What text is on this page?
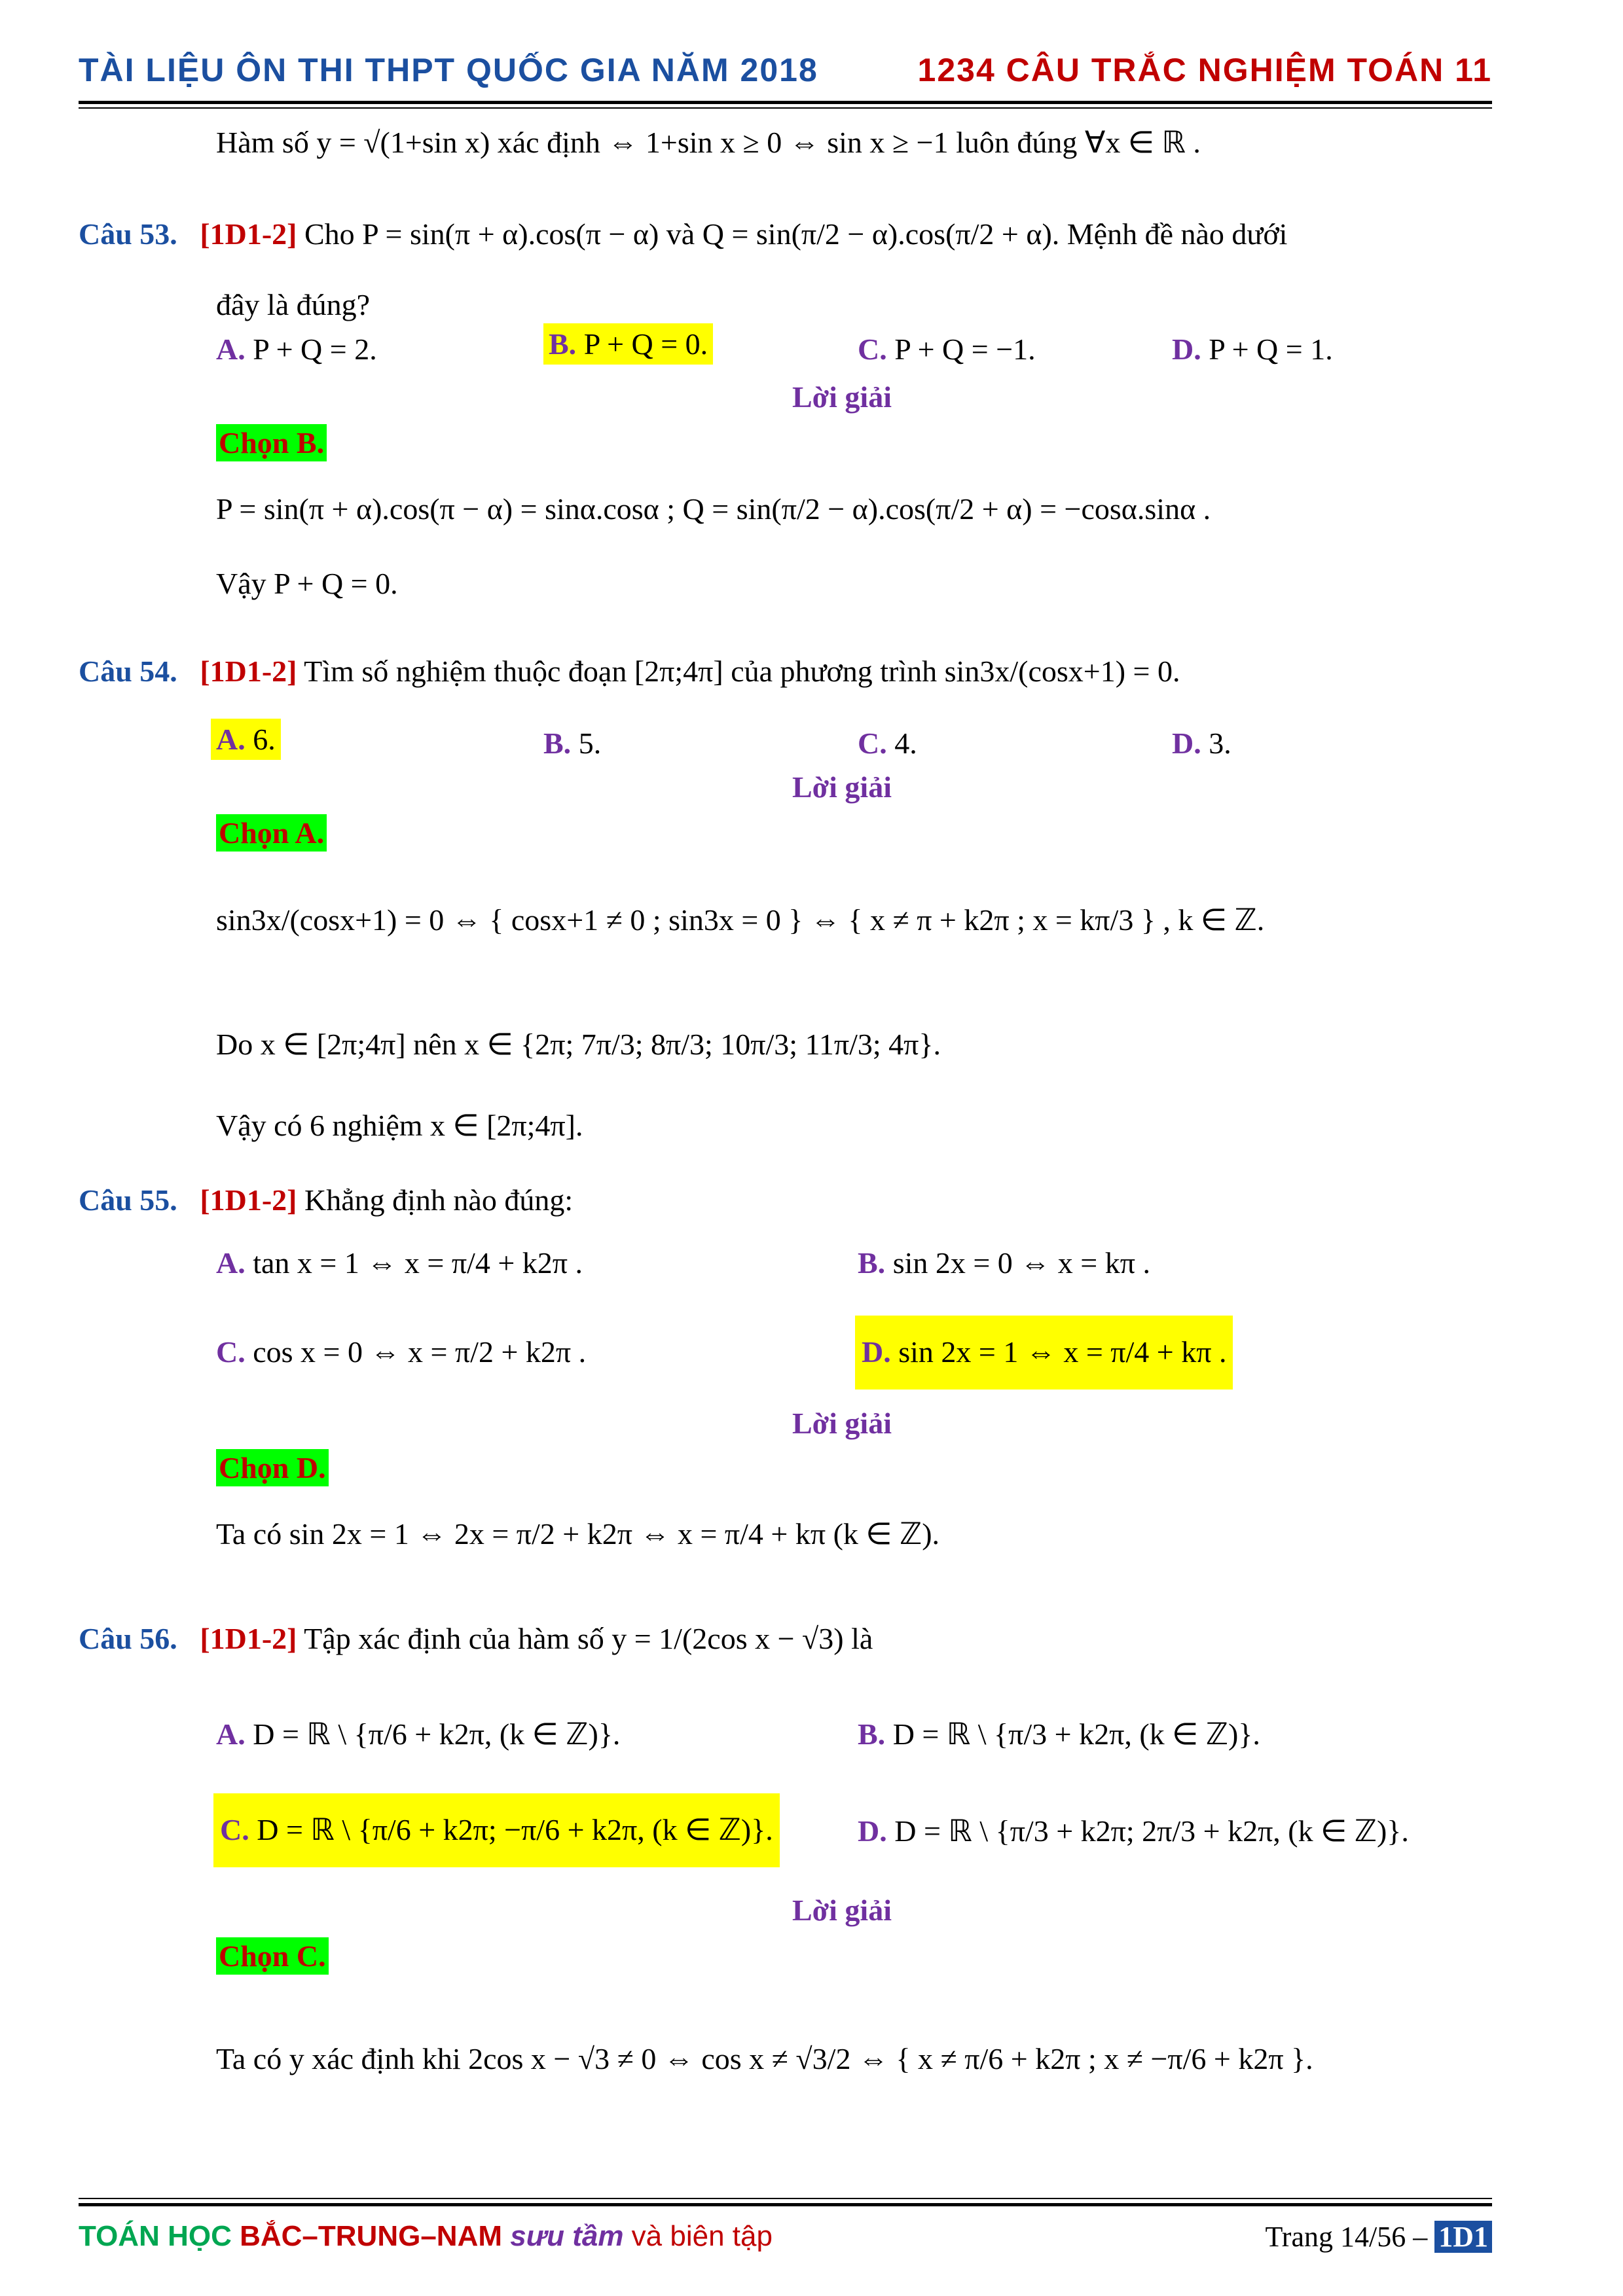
TÀI LIỆU ÔN THI THPT QUỐC GIA NĂM 2018	1234 CÂU TRẮC NGHIỆM TOÁN 11
Hàm số y = √(1+sin x) xác định ⇔ 1+sin x ≥ 0 ⇔ sin x ≥ −1 luôn đúng ∀x ∈ ℝ .
Câu 53. [1D1-2] Cho P = sin(π + α).cos(π − α) và Q = sin(π/2 − α).cos(π/2 + α). Mệnh đề nào dưới
đây là đúng?
A. P + Q = 2.	B. P + Q = 0.	C. P + Q = −1.	D. P + Q = 1.
Lời giải
Chọn B.
P = sin(π + α).cos(π − α) = sinα.cosα ; Q = sin(π/2 − α).cos(π/2 + α) = −cosα.sinα .
Vậy P + Q = 0.
Câu 54. [1D1-2] Tìm số nghiệm thuộc đoạn [2π;4π] của phương trình sin3x/(cosx+1) = 0.
A. 6.	B. 5.	C. 4.	D. 3.
Lời giải
Chọn A.
sin3x/(cosx+1) = 0 ⇔ { cosx+1 ≠ 0 ; sin3x = 0 } ⇔ { x ≠ π + k2π ; x = kπ/3 } , k ∈ ℤ.
Do x ∈ [2π;4π] nên x ∈ {2π; 7π/3; 8π/3; 10π/3; 11π/3; 4π}.
Vậy có 6 nghiệm x ∈ [2π;4π].
Câu 55. [1D1-2] Khẳng định nào đúng:
A. tan x = 1 ⇔ x = π/4 + k2π .	B. sin 2x = 0 ⇔ x = kπ .
C. cos x = 0 ⇔ x = π/2 + k2π .	D. sin 2x = 1 ⇔ x = π/4 + kπ .
Lời giải
Chọn D.
Ta có sin 2x = 1 ⇔ 2x = π/2 + k2π ⇔ x = π/4 + kπ (k ∈ ℤ).
Câu 56. [1D1-2] Tập xác định của hàm số y = 1/(2cos x − √3) là
A. D = ℝ \ {π/6 + k2π, (k ∈ ℤ)}.	B. D = ℝ \ {π/3 + k2π, (k ∈ ℤ)}.
C. D = ℝ \ {π/6 + k2π; −π/6 + k2π, (k ∈ ℤ)}.	D. D = ℝ \ {π/3 + k2π; 2π/3 + k2π, (k ∈ ℤ)}.
Lời giải
Chọn C.
Ta có y xác định khi 2cos x − √3 ≠ 0 ⇔ cos x ≠ √3/2 ⇔ { x ≠ π/6 + k2π ; x ≠ −π/6 + k2π }.
TOÁN HỌC BẮC–TRUNG–NAM sưu tầm và biên tập	Trang 14/56 – 1D1
